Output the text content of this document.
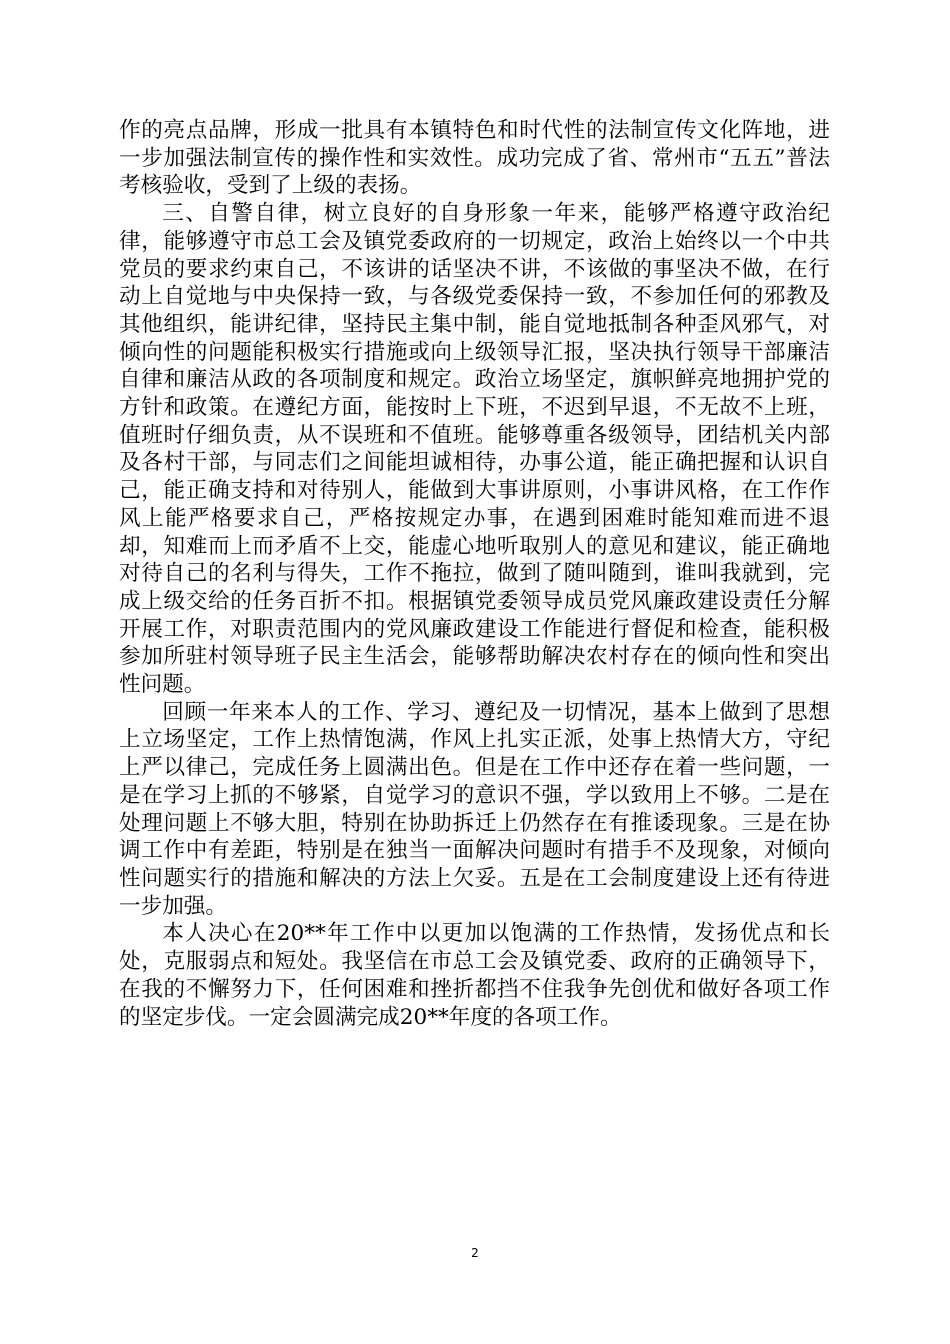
作的亮点品牌，形成一批具有本镇特色和时代性的法制宣传文化阵地，进一步加强法制宣传的操作性和实效性。成功完成了省、常州市“五五”普法考核验收，受到了上级的表扬。

三、自警自律，树立良好的自身形象一年来，能够严格遵守政治纪律，能够遵守市总工会及镇党委政府的一切规定，政治上始终以一个中共党员的要求约束自己，不该讲的话坚决不讲，不该做的事坚决不做，在行动上自觉地与中央保持一致，与各级党委保持一致，不参加任何的邪教及其他组织，能讲纪律，坚持民主集中制，能自觉地抵制各种歪风邪气，对倾向性的问题能积极实行措施或向上级领导汇报，坚决执行领导干部廉洁自律和廉洁从政的各项制度和规定。政治立场坚定，旗帜鲜亮地拥护党的方针和政策。在遵纪方面，能按时上下班，不迟到早退，不无故不上班，值班时仔细负责，从不误班和不值班。能够尊重各级领导，团结机关内部及各村干部，与同志们之间能坦诚相待，办事公道，能正确把握和认识自己，能正确支持和对待别人，能做到大事讲原则，小事讲风格，在工作作风上能严格要求自己，严格按规定办事，在遇到困难时能知难而进不退却，知难而上而矛盾不上交，能虚心地听取别人的意见和建议，能正确地对待自己的名利与得失，工作不拖拉，做到了随叫随到，谁叫我就到，完成上级交给的任务百折不扣。根据镇党委领导成员党风廉政建设责任分解开展工作，对职责范围内的党风廉政建设工作能进行督促和检查，能积极参加所驻村领导班子民主生活会，能够帮助解决农村存在的倾向性和突出性问题。

回顾一年来本人的工作、学习、遵纪及一切情况，基本上做到了思想上立场坚定，工作上热情饱满，作风上扎实正派，处事上热情大方，守纪上严以律己，完成任务上圆满出色。但是在工作中还存在着一些问题，一是在学习上抓的不够紧，自觉学习的意识不强，学以致用上不够。二是在处理问题上不够大胆，特别在协助拆迁上仍然存在有推诿现象。三是在协调工作中有差距，特别是在独当一面解决问题时有措手不及现象，对倾向性问题实行的措施和解决的方法上欠妥。五是在工会制度建设上还有待进一步加强。

本人决心在20**年工作中以更加以饱满的工作热情，发扬优点和长处，克服弱点和短处。我坚信在市总工会及镇党委、政府的正确领导下，在我的不懈努力下，任何困难和挫折都挡不住我争先创优和做好各项工作的坚定步伐。一定会圆满完成20**年度的各项工作。

2
